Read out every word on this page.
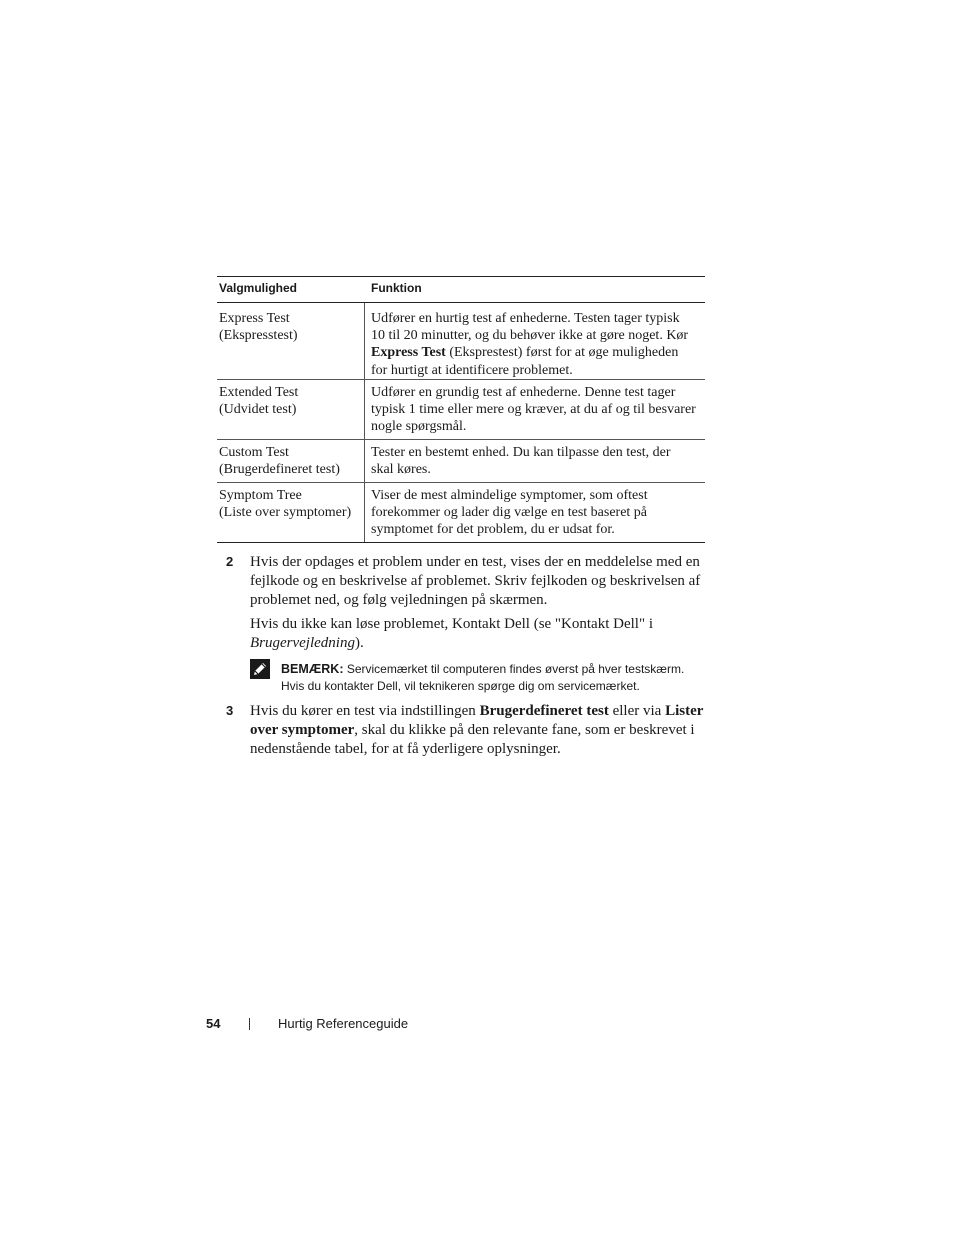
Valgmulighed	Funktion
Express Test
(Ekspresstest)
Udfører en hurtig test af enhederne. Testen tager typisk
10 til 20 minutter, og du behøver ikke at gøre noget. Kør
Express Test (Eksprestest) først for at øge muligheden
for hurtigt at identificere problemet.
Extended Test
(Udvidet test)
Udfører en grundig test af enhederne. Denne test tager
typisk 1 time eller mere og kræver, at du af og til besvarer
nogle spørgsmål.
Custom Test
(Brugerdefineret test)
Tester en bestemt enhed. Du kan tilpasse den test, der
skal køres.
Symptom Tree
(Liste over symptomer)
Viser de mest almindelige symptomer, som oftest
forekommer og lader dig vælge en test baseret på
symptomet for det problem, du er udsat for.
2 Hvis der opdages et problem under en test, vises der en meddelelse med en
fejlkode og en beskrivelse af problemet. Skriv fejlkoden og beskrivelsen af
problemet ned, og følg vejledningen på skærmen.
Hvis du ikke kan løse problemet, Kontakt Dell (se "Kontakt Dell" i
Brugervejledning).
BEMÆRK: Servicemærket til computeren findes øverst på hver testskærm.
Hvis du kontakter Dell, vil teknikeren spørge dig om servicemærket.
3 Hvis du kører en test via indstillingen Brugerdefineret test eller via Lister
over symptomer, skal du klikke på den relevante fane, som er beskrevet i
nedenstående tabel, for at få yderligere oplysninger.
54	Hurtig Referenceguide
